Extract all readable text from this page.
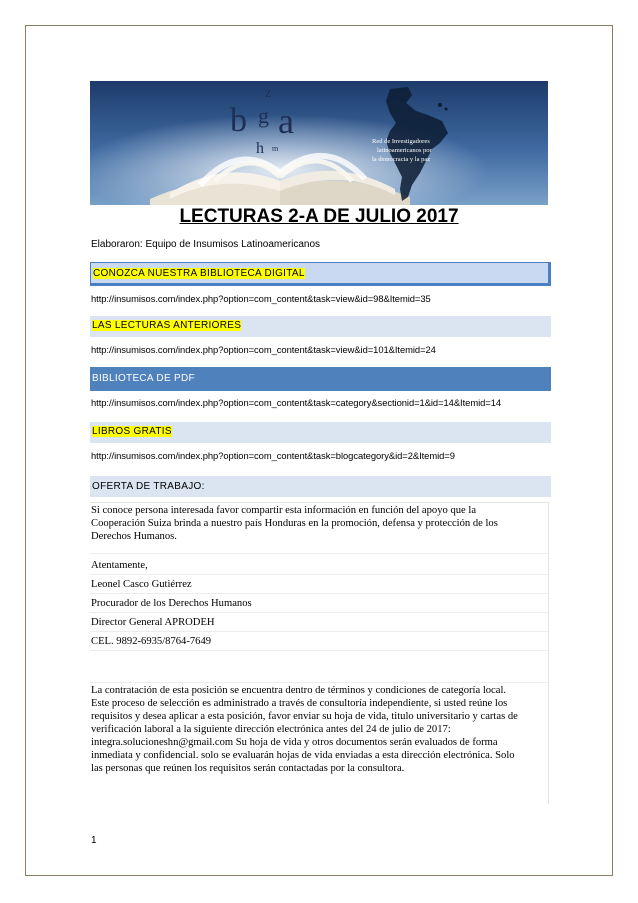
b g
z
a
h m
Red de Investigadores
latinoamericanos por
la democracia y la paz
LECTURAS 2-A DE JULIO 2017
Elaboraron: Equipo de Insumisos Latinoamericanos
CONOZCA NUESTRA BIBLIOTECA DIGITAL
http://insumisos.com/index.php?option=com_content&task=view&id=98&Itemid=35
LAS LECTURAS ANTERIORES
http://insumisos.com/index.php?option=com_content&task=view&id=101&Itemid=24
BIBLIOTECA DE PDF
http://insumisos.com/index.php?option=com_content&task=category&sectionid=1&id=14&Itemid=14
LIBROS GRATIS
http://insumisos.com/index.php?option=com_content&task=blogcategory&id=2&Itemid=9
OFERTA DE TRABAJO:
Si conoce persona interesada favor compartir esta información en función del apoyo que la
Cooperación Suiza brinda a nuestro país Honduras en la promoción, defensa y protección de los
Derechos Humanos.
Atentamente,
Leonel Casco Gutiérrez
Procurador de los Derechos Humanos
Director General APRODEH
CEL. 9892-6935/8764-7649
La contratación de esta posición se encuentra dentro de términos y condiciones de categoría local.
Este proceso de selección es administrado a través de consultoría independiente, si usted reúne los
requisitos y desea aplicar a esta posición, favor enviar su hoja de vida, titulo universitario y cartas de
verificación laboral a la siguiente dirección electrónica antes del 24 de julio de 2017:
integra.solucioneshn@gmail.com Su hoja de vida y otros documentos serán evaluados de forma
inmediata y confidencial. solo se evaluarán hojas de vida enviadas a esta dirección electrónica. Solo
las personas que reúnen los requisitos serán contactadas por la consultora.
1
